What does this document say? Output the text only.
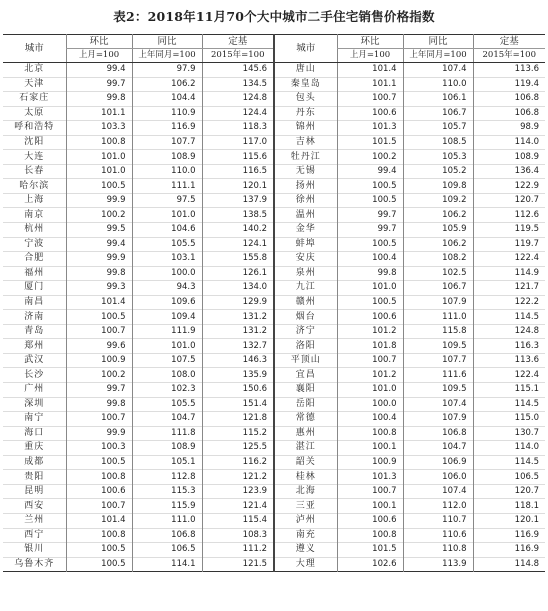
表2：2018年11月70个大中城市二手住宅销售价格指数
城市	环比	同比	定基	城市	环比	同比	定基
	上月=100	上年同月=100	2015年=100		上月=100	上年同月=100	2015年=100
北京	99.4	97.9	145.6	唐山	101.4	107.4	113.6
天津	99.7	106.2	134.5	秦皇岛	101.1	110.0	119.4
石家庄	99.8	104.4	124.8	包头	100.7	106.1	106.8
太原	101.1	110.9	124.4	丹东	100.6	106.7	106.8
呼和浩特	103.3	116.9	118.3	锦州	101.3	105.7	98.9
沈阳	100.8	107.7	117.0	吉林	101.5	108.5	114.0
大连	101.0	108.9	115.6	牡丹江	100.2	105.3	108.9
长春	101.0	110.0	116.5	无锡	99.4	105.2	136.4
哈尔滨	100.5	111.1	120.1	扬州	100.5	109.8	122.9
上海	99.9	97.5	137.9	徐州	100.5	109.2	120.7
南京	100.2	101.0	138.5	温州	99.7	106.2	112.6
杭州	99.5	104.6	140.2	金华	99.7	105.9	119.5
宁波	99.4	105.5	124.1	蚌埠	100.5	106.2	119.7
合肥	99.9	103.1	155.8	安庆	100.4	108.2	122.4
福州	99.8	100.0	126.1	泉州	99.8	102.5	114.9
厦门	99.3	94.3	134.0	九江	101.0	106.7	121.7
南昌	101.4	109.6	129.9	赣州	100.5	107.9	122.2
济南	100.5	109.4	131.2	烟台	100.6	111.0	114.5
青岛	100.7	111.9	131.2	济宁	101.2	115.8	124.8
郑州	99.6	101.0	132.7	洛阳	101.8	109.5	116.3
武汉	100.9	107.5	146.3	平顶山	100.7	107.7	113.6
长沙	100.2	108.0	135.9	宜昌	101.2	111.6	122.4
广州	99.7	102.3	150.6	襄阳	101.0	109.5	115.1
深圳	99.8	105.5	151.4	岳阳	100.0	107.4	114.5
南宁	100.7	104.7	121.8	常德	100.4	107.9	115.0
海口	99.9	111.8	115.2	惠州	100.8	106.8	130.7
重庆	100.3	108.9	125.5	湛江	100.1	104.7	114.0
成都	100.5	105.1	116.2	韶关	100.9	106.9	114.5
贵阳	100.8	112.8	121.2	桂林	101.3	106.0	106.5
昆明	100.6	115.3	123.9	北海	100.7	107.4	120.7
西安	100.7	115.9	121.4	三亚	100.1	112.0	118.1
兰州	101.4	111.0	115.4	泸州	100.6	110.7	120.1
西宁	100.8	106.8	108.3	南充	100.8	110.6	116.9
银川	100.5	106.5	111.2	遵义	101.5	110.8	116.9
乌鲁木齐	100.5	114.1	121.5	大理	102.6	113.9	114.8
